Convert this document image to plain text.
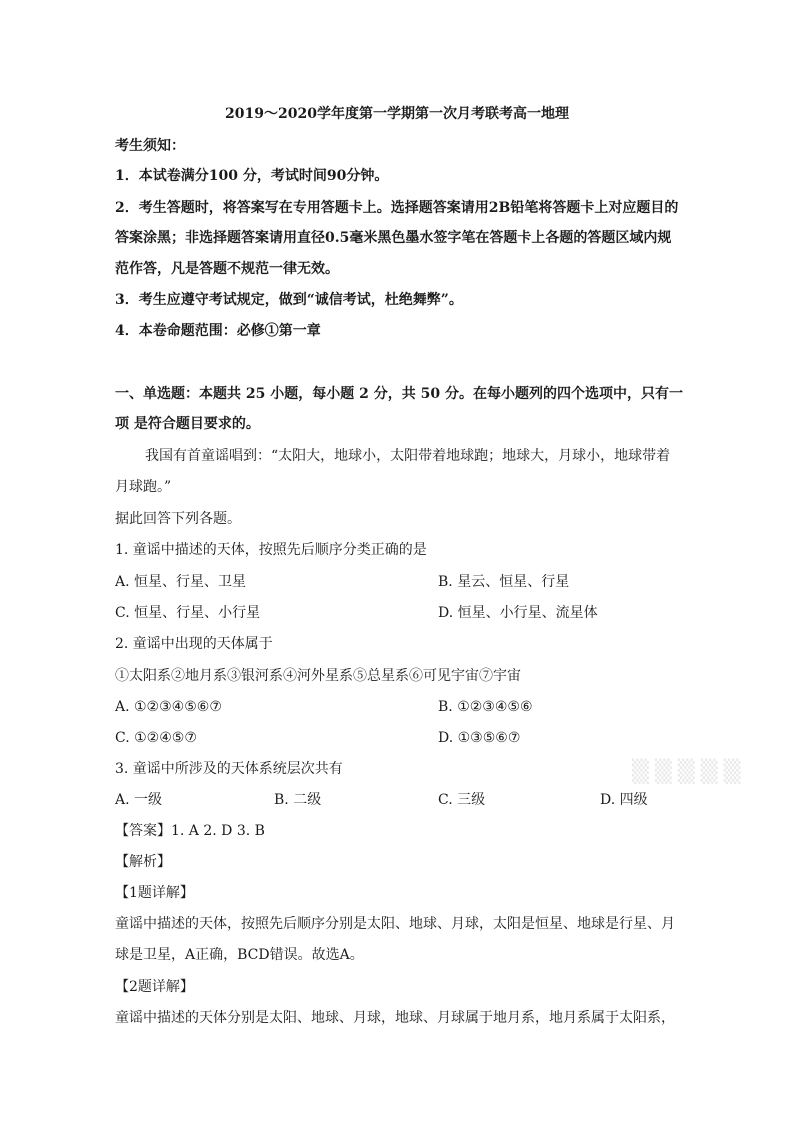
2019～2020学年度第一学期第一次月考联考高一地理
考生须知：
1．本试卷满分100 分，考试时间90分钟。
2．考生答题时，将答案写在专用答题卡上。选择题答案请用2B铅笔将答题卡上对应题目的
答案涂黑；非选择题答案请用直径0.5毫米黑色墨水签字笔在答题卡上各题的答题区域内规
范作答，凡是答题不规范一律无效。
3．考生应遵守考试规定，做到“诚信考试，杜绝舞弊”。
4．本卷命题范围：必修①第一章
一、单选题：本题共 25 小题，每小题 2 分，共 50 分。在每小题列的四个选项中，只有一
项 是符合题目要求的。
我国有首童谣唱到：“太阳大，地球小，太阳带着地球跑；地球大，月球小，地球带着
月球跑。”
据此回答下列各题。
1. 童谣中描述的天体，按照先后顺序分类正确的是
A. 恒星、行星、卫星	B. 星云、恒星、行星
C. 恒星、行星、小行星	D. 恒星、小行星、流星体
2. 童谣中出现的天体属于
①太阳系②地月系③银河系④河外星系⑤总星系⑥可见宇宙⑦宇宙
A. ①②③④⑤⑥⑦	B. ①②③④⑤⑥
C. ①②④⑤⑦	D. ①③⑤⑥⑦
3. 童谣中所涉及的天体系统层次共有
A. 一级	B. 二级	C. 三级	D. 四级
【答案】1. A 2. D 3. B
【解析】
【1题详解】
童谣中描述的天体，按照先后顺序分别是太阳、地球、月球，太阳是恒星、地球是行星、月
球是卫星，A正确，BCD错误。故选A。
【2题详解】
童谣中描述的天体分别是太阳、地球、月球，地球、月球属于地月系，地月系属于太阳系，
▒▒▒▒▒
